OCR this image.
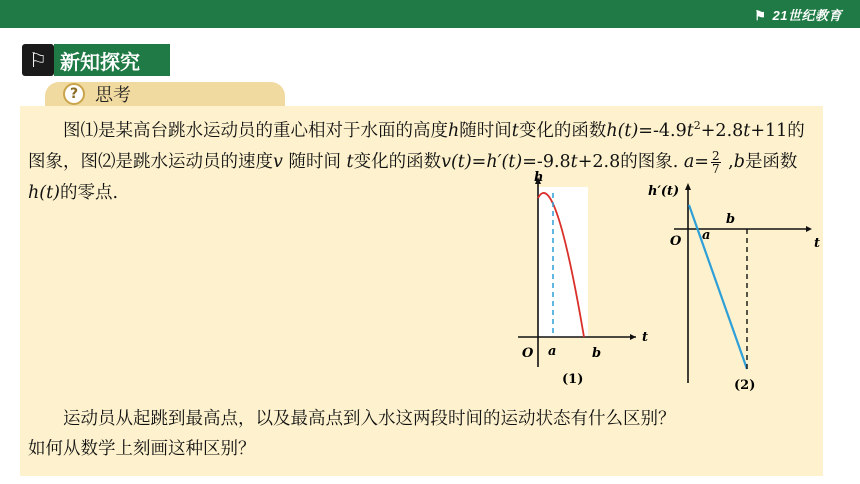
⚑ 21世纪教育
⚐ 新知探究
? 思考
图⑴是某高台跳水运动员的重心相对于水面的高度h随时间t变化的函数$h(t)=-4.9t^2+2.8t+11$的图象，图⑵是跳水运动员的速度v 随时间 t变化的函数v(t)=h′(t)=-9.8t+2.8的图象. $a= \frac{2}{7} ,b$是函数h(t)的零点.
h
t
O a	b
(1)
h′(t)
t
O a
b
(2)
运动员从起跳到最高点，以及最高点到入水这两段时间的运动状态有什么区别？
如何从数学上刻画这种区别？
